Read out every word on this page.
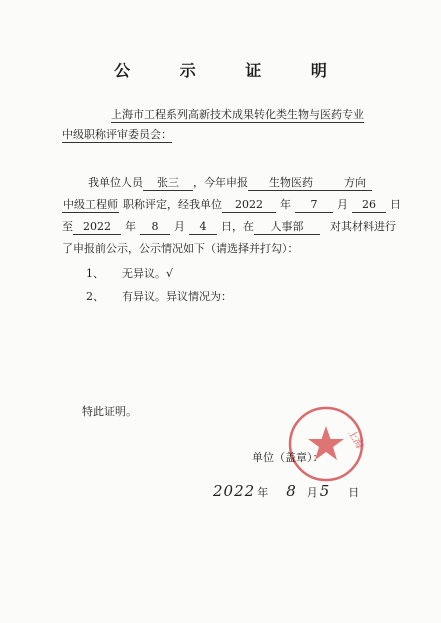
公 示 证 明
上海市工程系列高新技术成果转化类生物与医药专业
中级职称评审委员会：
我单位人员 张三 ，今年申报 生物医药	方向
中级工程师 职称评定，经我单位 2022 年 7 月 26 日
至 2022 年 8 月 4 日，在 人事部 对其材料进行
了申报前公示，公示情况如下（请选择并打勾）：
1、 无异议。√
2、 有异议。异议情况为：
特此证明。
上海
单位（盖章）：
2022 年 8 月 5 日
